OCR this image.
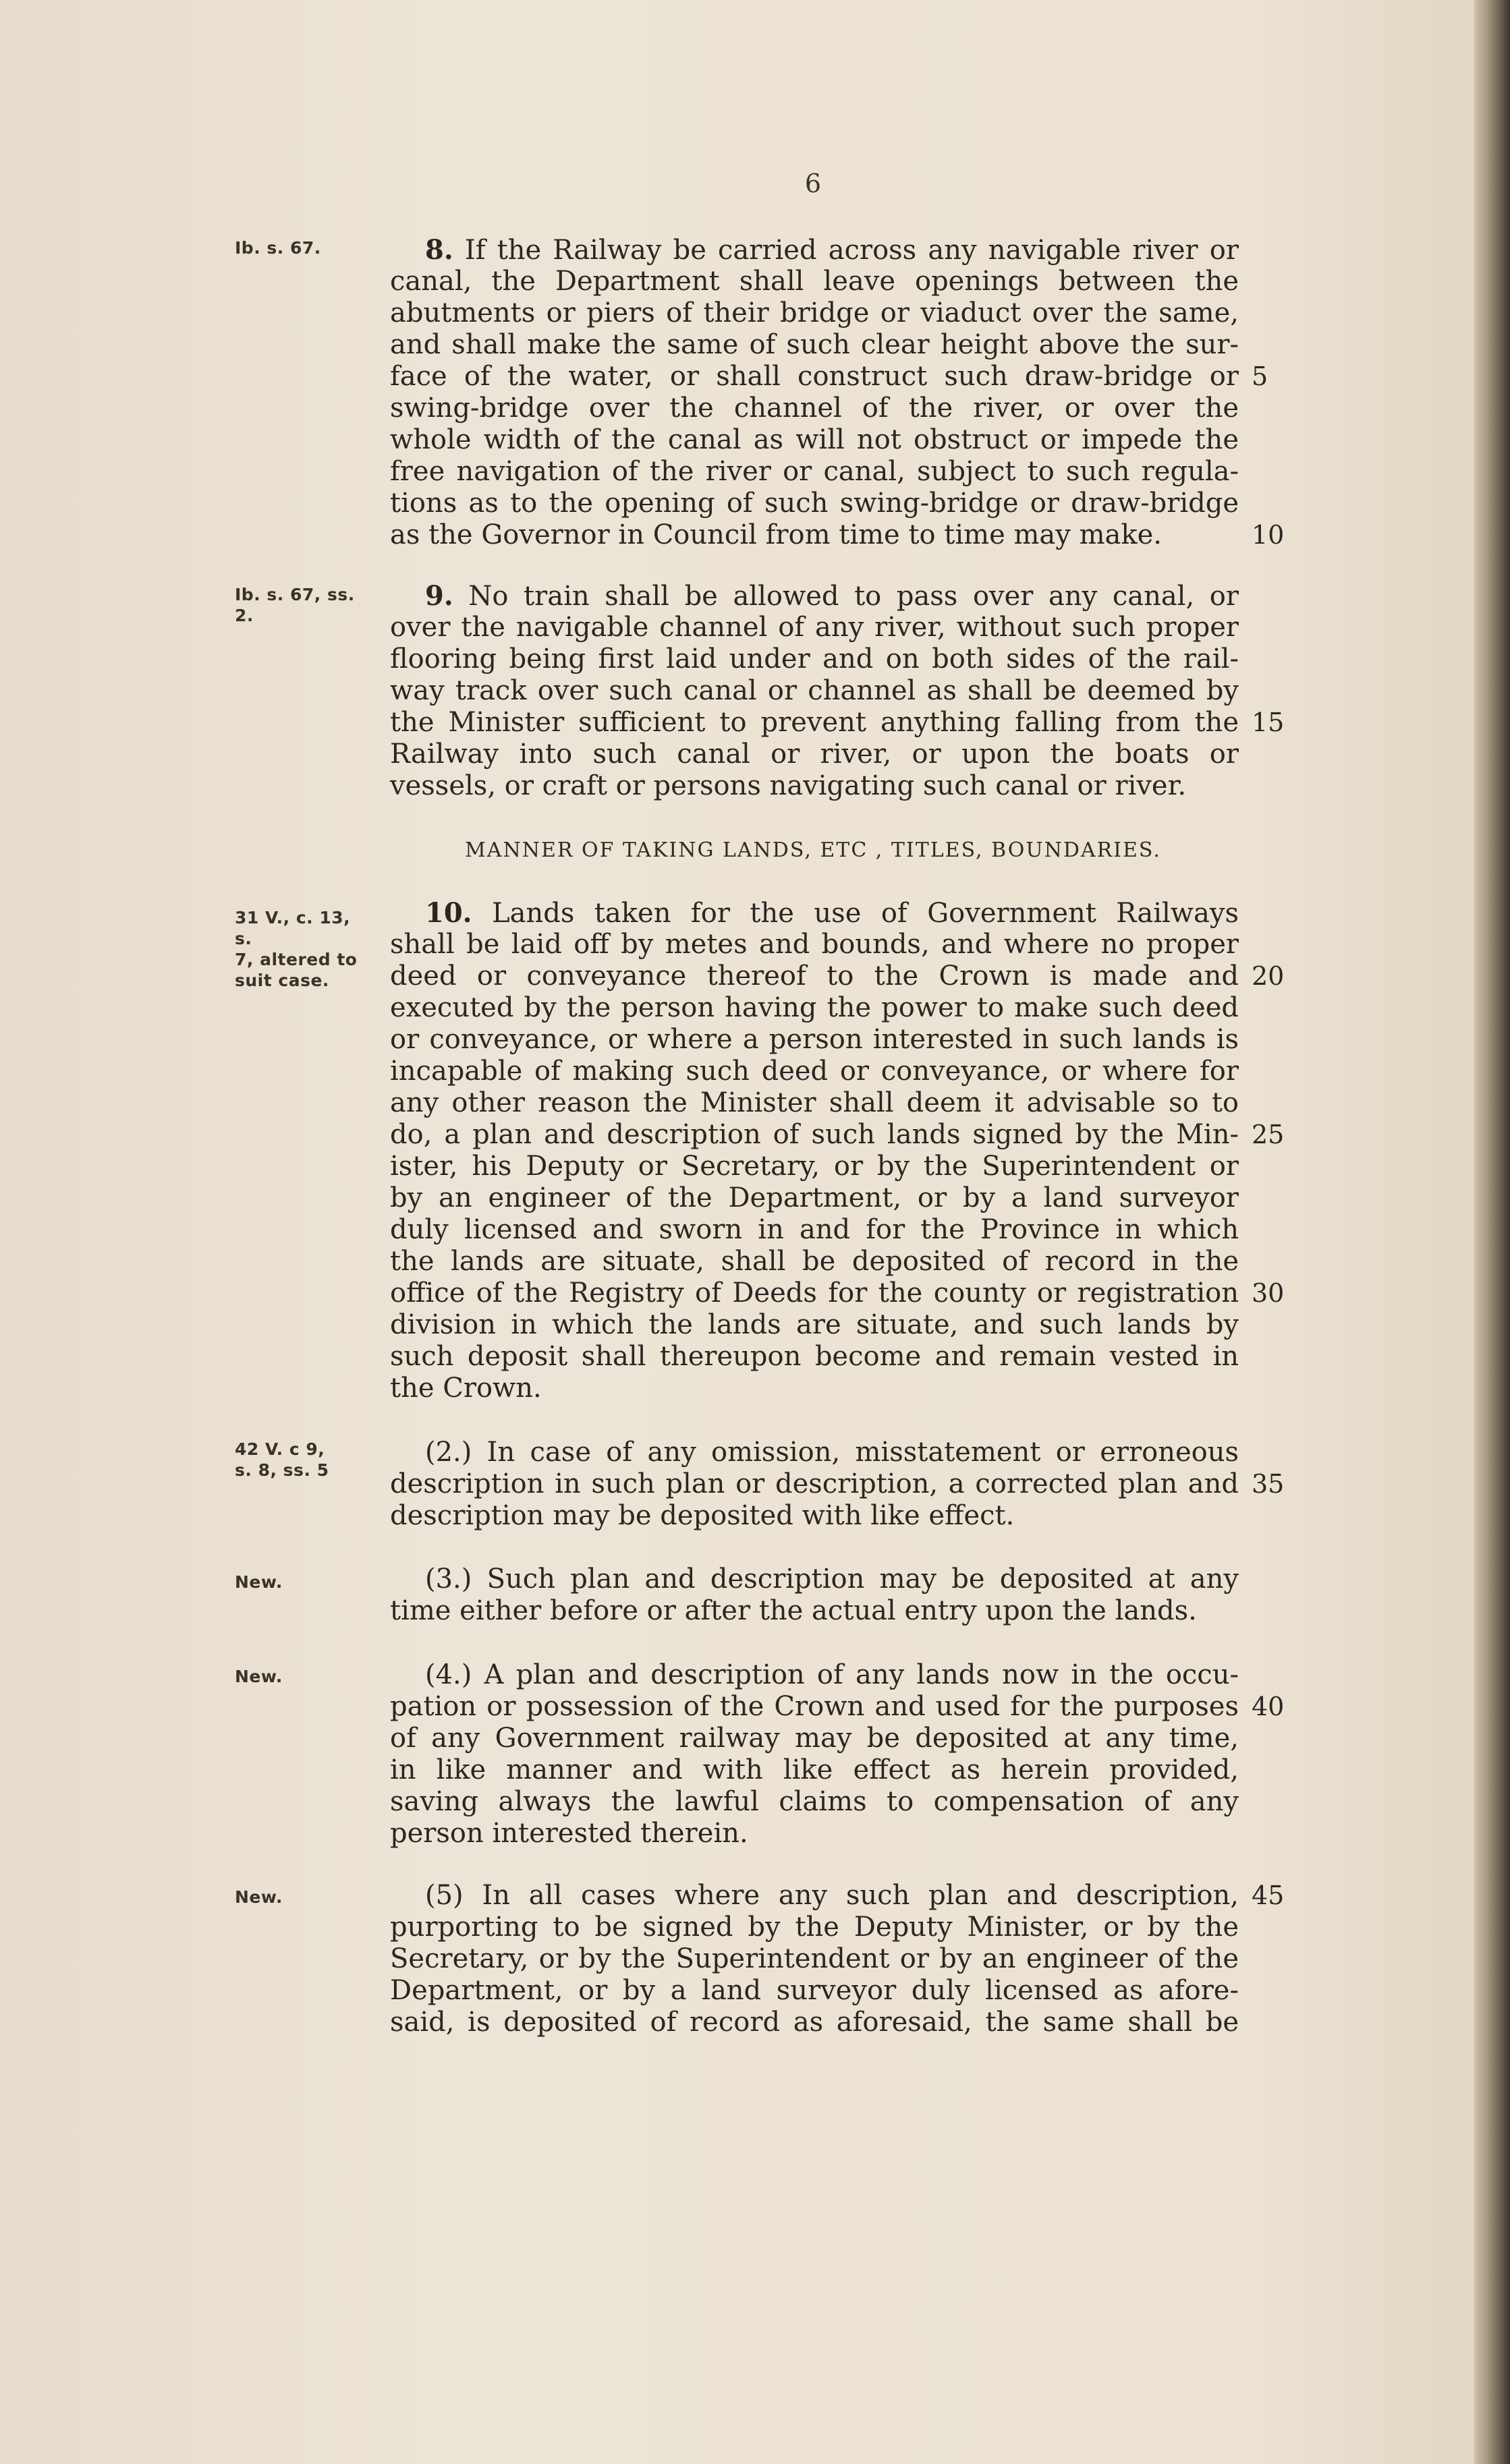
6
Ib. s. 67.	8. If the Railway be carried across any navigable river or
canal, the Department shall leave openings between the
abutments or piers of their bridge or viaduct over the same,
and shall make the same of such clear height above the sur-
face of the water, or shall construct such draw-bridge or
swing-bridge over the channel of the river, or over the
whole width of the canal as will not obstruct or impede the
free navigation of the river or canal, subject to such regula-
tions as to the opening of such swing-bridge or draw-bridge
as the Governor in Council from time to time may make.
Ib. s. 67, ss. 2.
9. No train shall be allowed to pass over any canal, or
over the navigable channel of any river, without such proper
flooring being first laid under and on both sides of the rail-
way track over such canal or channel as shall be deemed by
the Minister sufficient to prevent anything falling from the
Railway into such canal or river, or upon the boats or
vessels, or craft or persons navigating such canal or river.
MANNER OF TAKING LANDS, ETC , TITLES, BOUNDARIES.
31 V., c. 13, s.
7, altered to
suit case.
10. Lands taken for the use of Government Railways
shall be laid off by metes and bounds, and where no proper
deed or conveyance thereof to the Crown is made and
executed by the person having the power to make such deed
or conveyance, or where a person interested in such lands is
incapable of making such deed or conveyance, or where for
any other reason the Minister shall deem it advisable so to
do, a plan and description of such lands signed by the Min-
ister, his Deputy or Secretary, or by the Superintendent or
by an engineer of the Department, or by a land surveyor
duly licensed and sworn in and for the Province in which
the lands are situate, shall be deposited of record in the
office of the Registry of Deeds for the county or registration
division in which the lands are situate, and such lands by
such deposit shall thereupon become and remain vested in
the Crown.
42 V. c 9,
s. 8, ss. 5
(2.) In case of any omission, misstatement or erroneous
description in such plan or description, a corrected plan and
description may be deposited with like effect.
New.	(3.) Such plan and description may be deposited at any
time either before or after the actual entry upon the lands.
New.	(4.) A plan and description of any lands now in the occu-
pation or possession of the Crown and used for the purposes
of any Government railway may be deposited at any time,
in like manner and with like effect as herein provided,
saving always the lawful claims to compensation of any
person interested therein.
New.	(5) In all cases where any such plan and description,
purporting to be signed by the Deputy Minister, or by the
Secretary, or by the Superintendent or by an engineer of the
Department, or by a land surveyor duly licensed as afore-
said, is deposited of record as aforesaid, the same shall be
5
10
15
20
25
30
35
40
45
